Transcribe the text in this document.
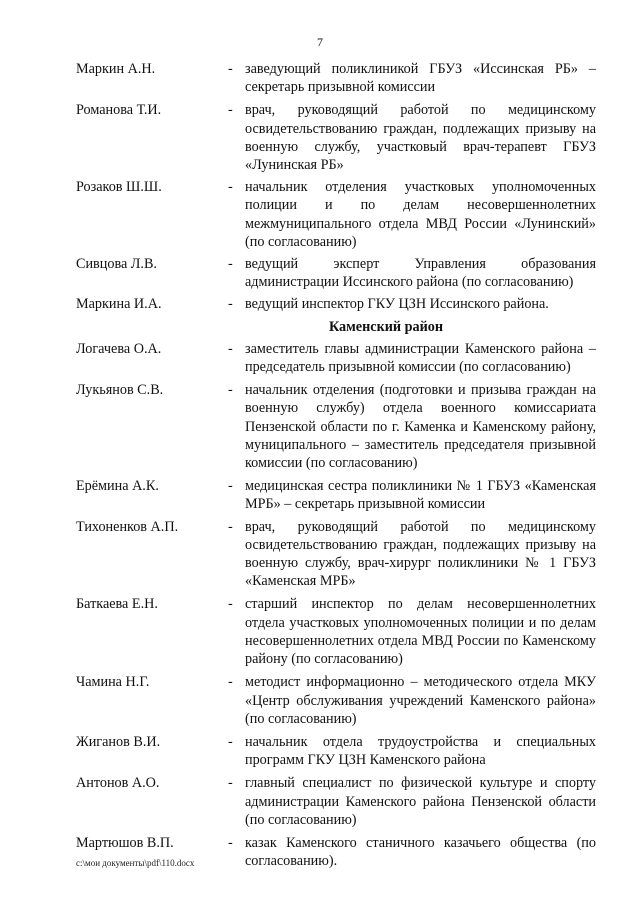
7
Маркин А.Н.	- заведующий поликлиникой ГБУЗ «Иссинская РБ» – секретарь призывной комиссии
Романова Т.И.	- врач, руководящий работой по медицинскому освидетельствованию граждан, подлежащих призыву на военную службу, участковый врач-терапевт ГБУЗ «Лунинская РБ»
Розаков Ш.Ш.	- начальник отделения участковых уполномоченных полиции и по делам несовершеннолетних межмуниципального отдела МВД России «Лунинский» (по согласованию)
Сивцова Л.В.	- ведущий эксперт Управления образования администрации Иссинского района (по согласованию)
Маркина И.А.	- ведущий инспектор ГКУ ЦЗН Иссинского района.
Каменский район
Логачева О.А.	- заместитель главы администрации Каменского района – председатель призывной комиссии (по согласованию)
Лукьянов С.В.	- начальник отделения (подготовки и призыва граждан на военную службу) отдела военного комиссариата Пензенской области по г. Каменка и Каменскому району, муниципального – заместитель председателя призывной комиссии (по согласованию)
Ерёмина А.К.	- медицинская сестра поликлиники № 1 ГБУЗ «Каменская МРБ» – секретарь призывной комиссии
Тихоненков А.П.	- врач, руководящий работой по медицинскому освидетельствованию граждан, подлежащих призыву на военную службу, врач-хирург поликлиники № 1 ГБУЗ «Каменская МРБ»
Баткаева Е.Н.	- старший инспектор по делам несовершеннолетних отдела участковых уполномоченных полиции и по делам несовершеннолетних отдела МВД России по Каменскому району (по согласованию)
Чамина Н.Г.	- методист информационно – методического отдела МКУ «Центр обслуживания учреждений Каменского района» (по согласованию)
Жиганов В.И.	- начальник отдела трудоустройства и специальных программ ГКУ ЦЗН Каменского района
Антонов А.О.	- главный специалист по физической культуре и спорту администрации Каменского района Пензенской области (по согласованию)
Мартюшов В.П.	- казак Каменского станичного казачьего общества (по согласованию).
c:\мои документы\pdf\110.docx
